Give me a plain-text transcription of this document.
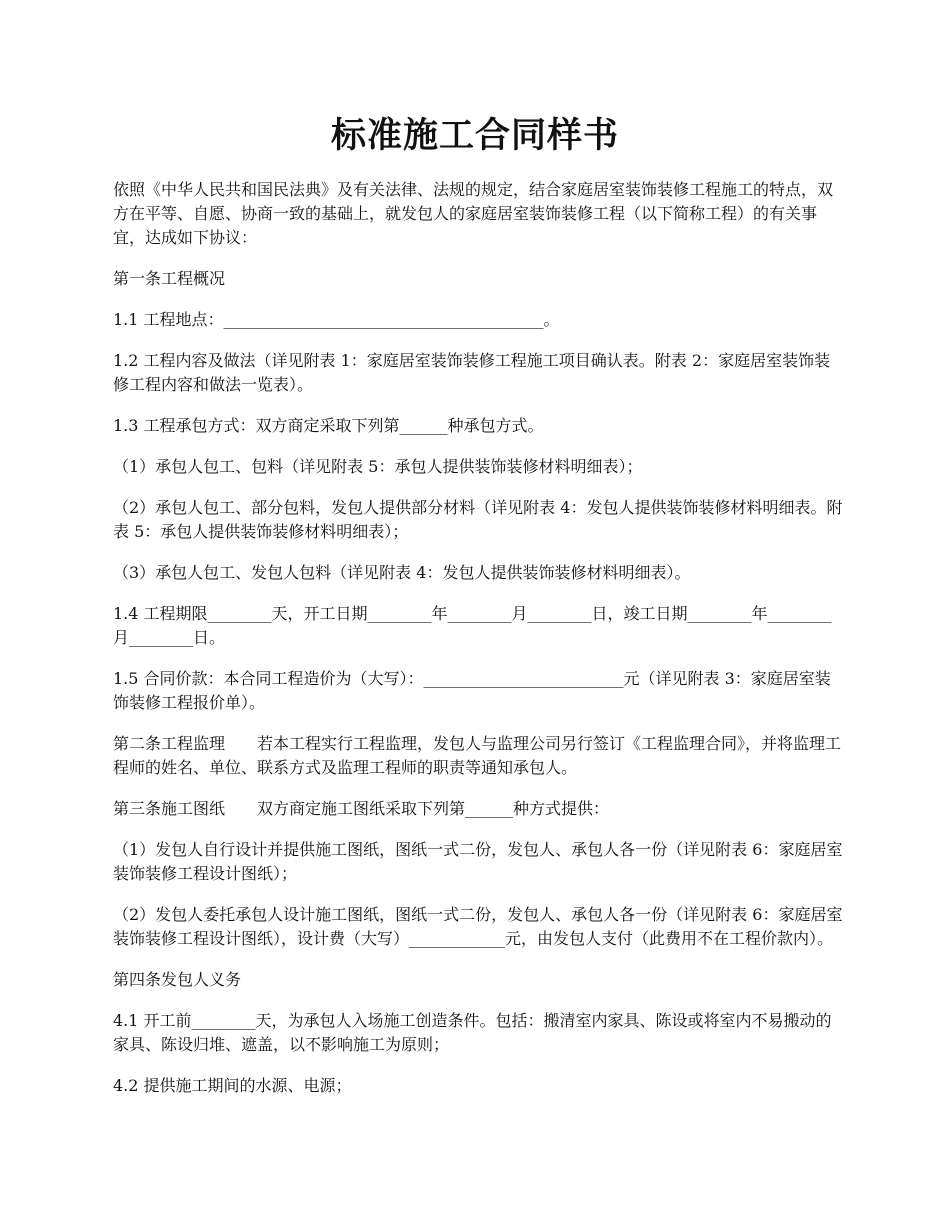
标准施工合同样书

依照《中华人民共和国民法典》及有关法律、法规的规定，结合家庭居室装饰装修工程施工的特点，双方在平等、自愿、协商一致的基础上，就发包人的家庭居室装饰装修工程（以下简称工程）的有关事宜，达成如下协议：

第一条工程概况

1.1 工程地点：________________________________________。

1.2 工程内容及做法（详见附表 1：家庭居室装饰装修工程施工项目确认表。附表 2：家庭居室装饰装修工程内容和做法一览表）。

1.3 工程承包方式：双方商定采取下列第______种承包方式。

（1）承包人包工、包料（详见附表 5：承包人提供装饰装修材料明细表）；

（2）承包人包工、部分包料，发包人提供部分材料（详见附表 4：发包人提供装饰装修材料明细表。附表 5：承包人提供装饰装修材料明细表）；

（3）承包人包工、发包人包料（详见附表 4：发包人提供装饰装修材料明细表）。

1.4 工程期限________天，开工日期________年________月________日，竣工日期________年________月________日。

1.5 合同价款：本合同工程造价为（大写）：_________________________元（详见附表 3：家庭居室装饰装修工程报价单）。

第二条工程监理　　若本工程实行工程监理，发包人与监理公司另行签订《工程监理合同》，并将监理工程师的姓名、单位、联系方式及监理工程师的职责等通知承包人。

第三条施工图纸　　双方商定施工图纸采取下列第______种方式提供：

（1）发包人自行设计并提供施工图纸，图纸一式二份，发包人、承包人各一份（详见附表 6：家庭居室装饰装修工程设计图纸）；

（2）发包人委托承包人设计施工图纸，图纸一式二份，发包人、承包人各一份（详见附表 6：家庭居室装饰装修工程设计图纸），设计费（大写）____________元，由发包人支付（此费用不在工程价款内）。

第四条发包人义务

4.1 开工前________天，为承包人入场施工创造条件。包括：搬清室内家具、陈设或将室内不易搬动的家具、陈设归堆、遮盖，以不影响施工为原则；

4.2 提供施工期间的水源、电源；
